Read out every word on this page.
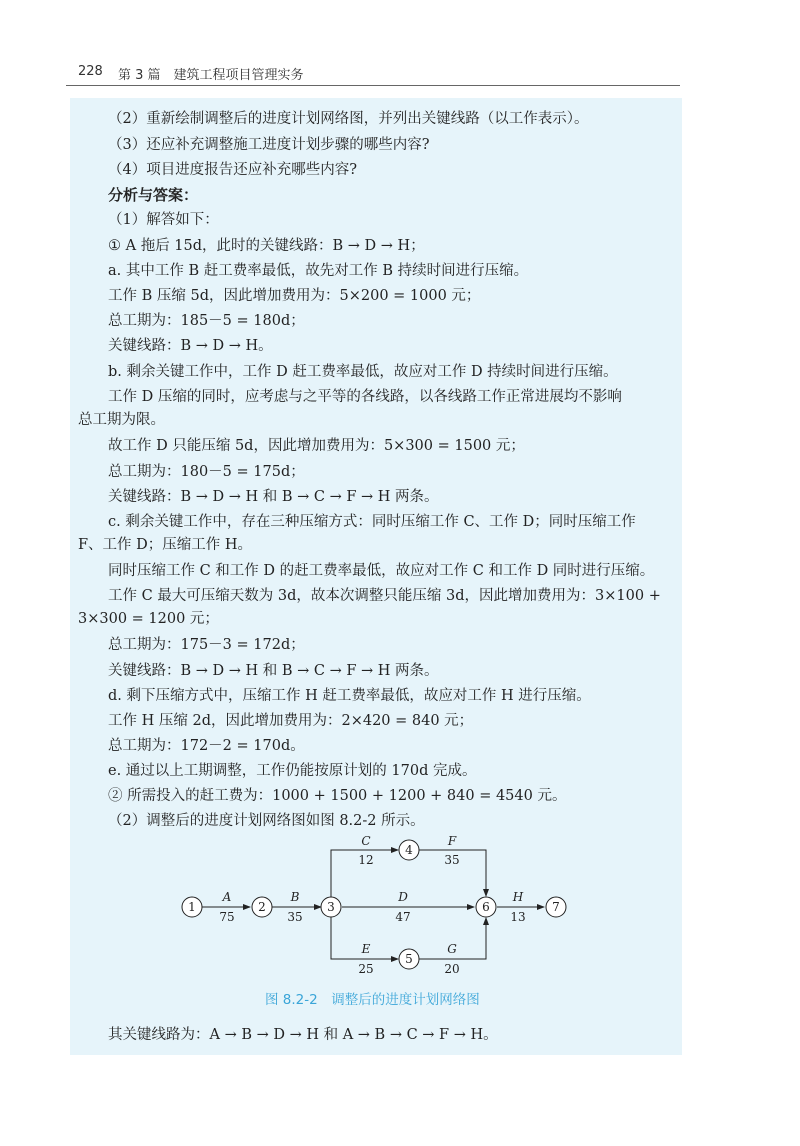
228 第 3 篇　建筑工程项目管理实务
（2）重新绘制调整后的进度计划网络图，并列出关键线路（以工作表示）。
（3）还应补充调整施工进度计划步骤的哪些内容?
（4）项目进度报告还应补充哪些内容?
分析与答案：
（1）解答如下：
① A 拖后 15d，此时的关键线路：B → D → H；
a. 其中工作 B 赶工费率最低，故先对工作 B 持续时间进行压缩。
工作 B 压缩 5d，因此增加费用为：5×200 = 1000 元；
总工期为：185－5 = 180d；
关键线路：B → D → H。
b. 剩余关键工作中，工作 D 赶工费率最低，故应对工作 D 持续时间进行压缩。
工作 D 压缩的同时，应考虑与之平等的各线路，以各线路工作正常进展均不影响
总工期为限。
故工作 D 只能压缩 5d，因此增加费用为：5×300 = 1500 元；
总工期为：180－5 = 175d；
关键线路：B → D → H 和 B → C → F → H 两条。
c. 剩余关键工作中，存在三种压缩方式：同时压缩工作 C、工作 D；同时压缩工作
F、工作 D；压缩工作 H。
同时压缩工作 C 和工作 D 的赶工费率最低，故应对工作 C 和工作 D 同时进行压缩。
工作 C 最大可压缩天数为 3d，故本次调整只能压缩 3d，因此增加费用为：3×100 +
3×300 = 1200 元；
总工期为：175－3 = 172d；
关键线路：B → D → H 和 B → C → F → H 两条。
d. 剩下压缩方式中，压缩工作 H 赶工费率最低，故应对工作 H 进行压缩。
工作 H 压缩 2d，因此增加费用为：2×420 = 840 元；
总工期为：172－2 = 170d。
e. 通过以上工期调整，工作仍能按原计划的 170d 完成。
② 所需投入的赶工费为：1000 + 1500 + 1200 + 840 = 4540 元。
（2）调整后的进度计划网络图如图 8.2-2 所示。
1	2	3
4
5
6	7
A
75
B
35
C
12
D
47
E
25
F
35
G
20
H
13
图 8.2-2　调整后的进度计划网络图
其关键线路为：A → B → D → H 和 A → B → C → F → H。
